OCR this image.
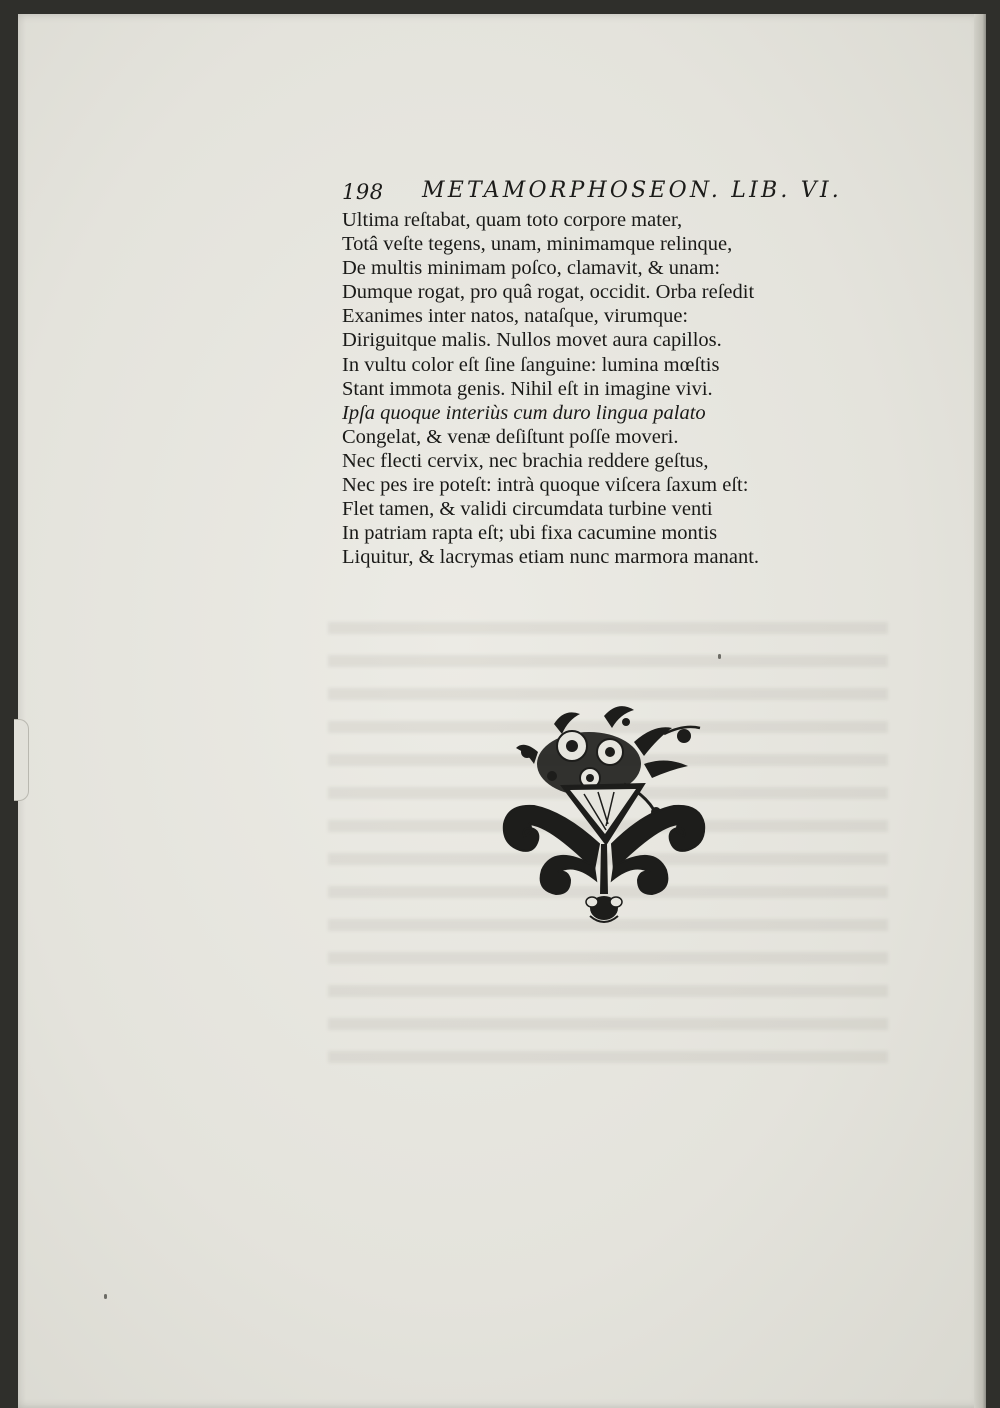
198 METAMORPHOSEON. LIB. VI.
Ultima reſtabat, quam toto corpore mater,
Totâ veſte tegens, unam, minimamque relinque,
De multis minimam poſco, clamavit, & unam:
Dumque rogat, pro quâ rogat, occidit. Orba reſedit
Exanimes inter natos, nataſque, virumque:
Diriguitque malis. Nullos movet aura capillos.
In vultu color eſt ſine ſanguine: lumina mœſtis
Stant immota genis. Nihil eſt in imagine vivi.
Ipſa quoque interiùs cum duro lingua palato
Congelat, & venæ deſiſtunt poſſe moveri.
Nec flecti cervix, nec brachia reddere geſtus,
Nec pes ire poteſt: intrà quoque viſcera ſaxum eſt:
Flet tamen, & validi circumdata turbine venti
In patriam rapta eſt; ubi fixa cacumine montis
Liquitur, & lacrymas etiam nunc marmora manant.
